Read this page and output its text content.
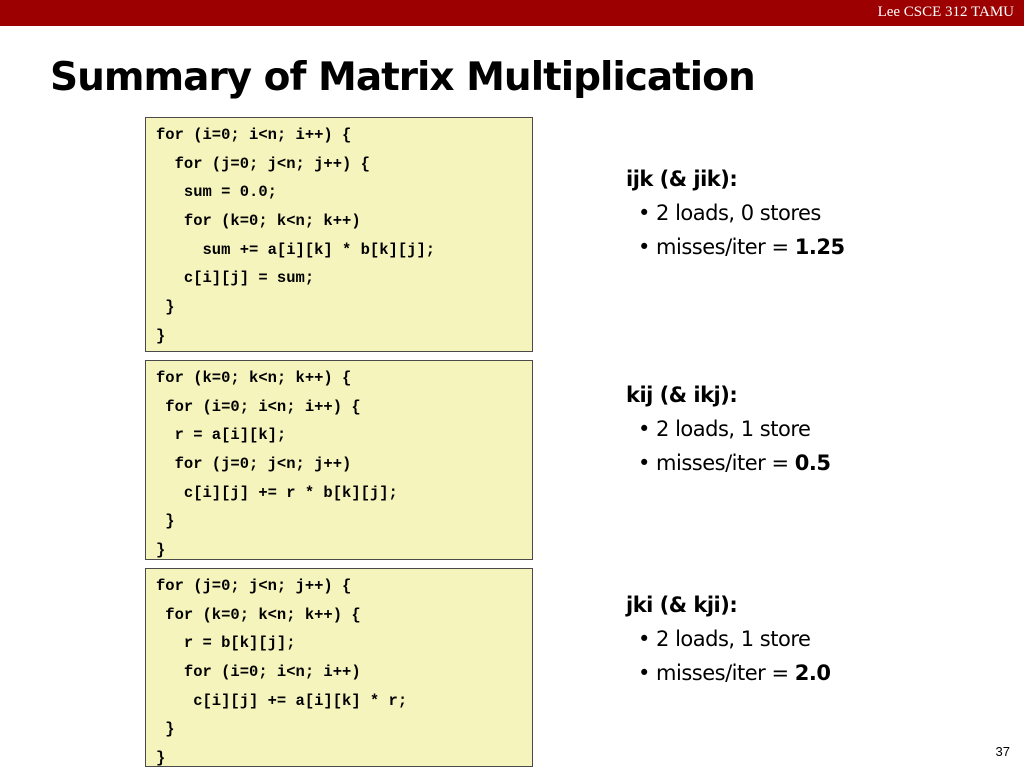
Lee CSCE 312 TAMU
Summary of Matrix Multiplication
for (i=0; i<n; i++) {
for (j=0; j<n; j++) {
sum = 0.0;
for (k=0; k<n; k++)
sum += a[i][k] * b[k][j];
c[i][j] = sum;
}
}
ijk (& jik):
• 2 loads, 0 stores
• misses/iter = 1.25
for (k=0; k<n; k++) {
for (i=0; i<n; i++) {
r = a[i][k];
for (j=0; j<n; j++)
c[i][j] += r * b[k][j];
}
}
kij (& ikj):
• 2 loads, 1 store
• misses/iter = 0.5
for (j=0; j<n; j++) {
for (k=0; k<n; k++) {
r = b[k][j];
for (i=0; i<n; i++)
c[i][j] += a[i][k] * r;
}
}
jki (& kji):
• 2 loads, 1 store
• misses/iter = 2.0
37
